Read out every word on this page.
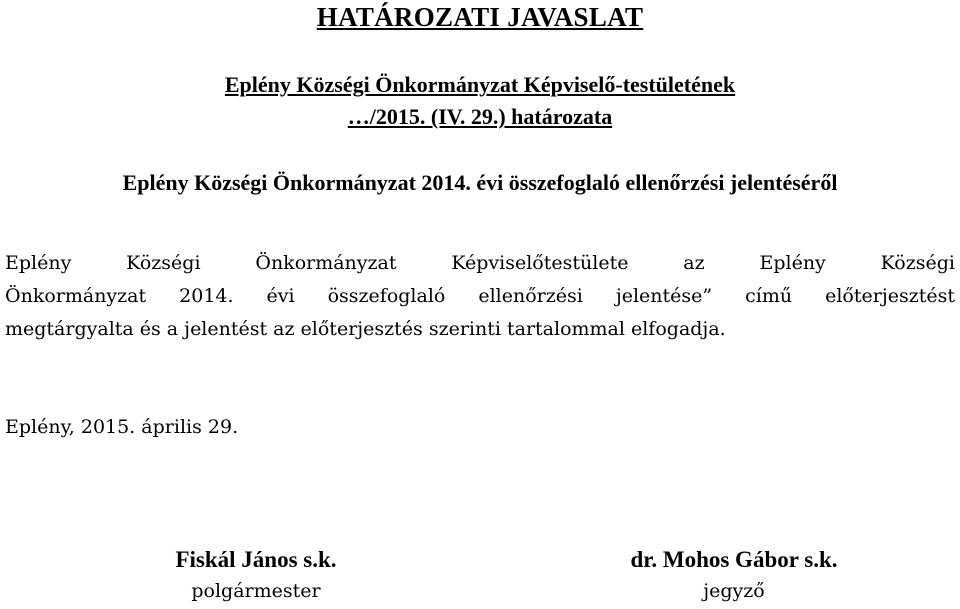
HATÁROZATI JAVASLAT
Eplény Községi Önkormányzat Képviselő-testületének
…/2015. (IV. 29.) határozata
Eplény Községi Önkormányzat 2014. évi összefoglaló ellenőrzési jelentéséről
Eplény Községi Önkormányzat Képviselőtestülete az Eplény Községi
Önkormányzat 2014. évi összefoglaló ellenőrzési jelentése” című előterjesztést
megtárgyalta és a jelentést az előterjesztés szerinti tartalommal elfogadja.
Eplény, 2015. április 29.
Fiskál János s.k.
polgármester
dr. Mohos Gábor s.k.
jegyző
